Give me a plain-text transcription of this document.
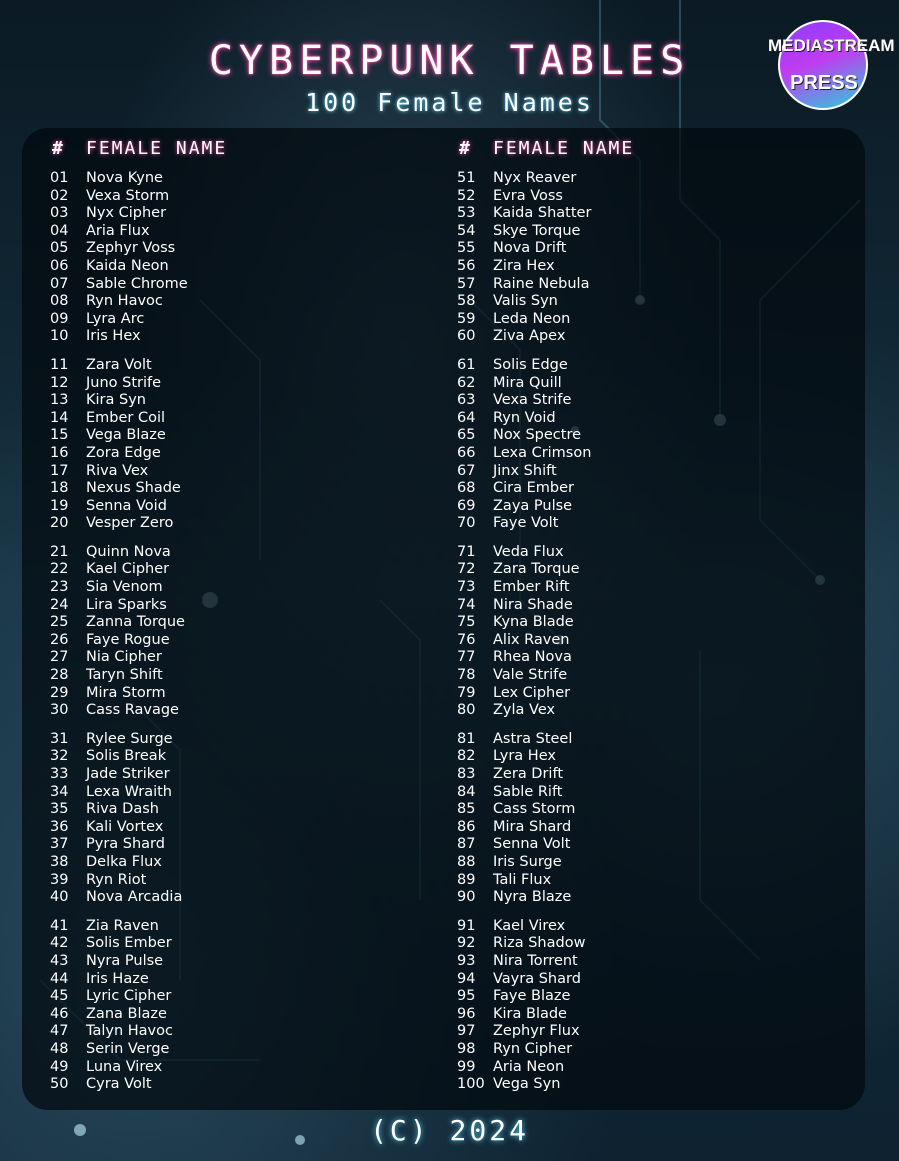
CYBERPUNK TABLES
100 Female Names
MEDIASTREAM
PRESS
# FEMALE NAME
01	Nova Kyne
02	Vexa Storm
03	Nyx Cipher
04	Aria Flux
05	Zephyr Voss
06	Kaida Neon
07	Sable Chrome
08	Ryn Havoc
09	Lyra Arc
10	Iris Hex
11	Zara Volt
12	Juno Strife
13	Kira Syn
14	Ember Coil
15	Vega Blaze
16	Zora Edge
17	Riva Vex
18	Nexus Shade
19	Senna Void
20	Vesper Zero
21	Quinn Nova
22	Kael Cipher
23	Sia Venom
24	Lira Sparks
25	Zanna Torque
26	Faye Rogue
27	Nia Cipher
28	Taryn Shift
29	Mira Storm
30	Cass Ravage
31	Rylee Surge
32	Solis Break
33	Jade Striker
34	Lexa Wraith
35	Riva Dash
36	Kali Vortex
37	Pyra Shard
38	Delka Flux
39	Ryn Riot
40	Nova Arcadia
41	Zia Raven
42	Solis Ember
43	Nyra Pulse
44	Iris Haze
45	Lyric Cipher
46	Zana Blaze
47	Talyn Havoc
48	Serin Verge
49	Luna Virex
50	Cyra Volt
# FEMALE NAME
51	Nyx Reaver
52	Evra Voss
53	Kaida Shatter
54	Skye Torque
55	Nova Drift
56	Zira Hex
57	Raine Nebula
58	Valis Syn
59	Leda Neon
60	Ziva Apex
61	Solis Edge
62	Mira Quill
63	Vexa Strife
64	Ryn Void
65	Nox Spectre
66	Lexa Crimson
67	Jinx Shift
68	Cira Ember
69	Zaya Pulse
70	Faye Volt
71	Veda Flux
72	Zara Torque
73	Ember Rift
74	Nira Shade
75	Kyna Blade
76	Alix Raven
77	Rhea Nova
78	Vale Strife
79	Lex Cipher
80	Zyla Vex
81	Astra Steel
82	Lyra Hex
83	Zera Drift
84	Sable Rift
85	Cass Storm
86	Mira Shard
87	Senna Volt
88	Iris Surge
89	Tali Flux
90	Nyra Blaze
91	Kael Virex
92	Riza Shadow
93	Nira Torrent
94	Vayra Shard
95	Faye Blaze
96	Kira Blade
97	Zephyr Flux
98	Ryn Cipher
99	Aria Neon
100 Vega Syn
(C) 2024
